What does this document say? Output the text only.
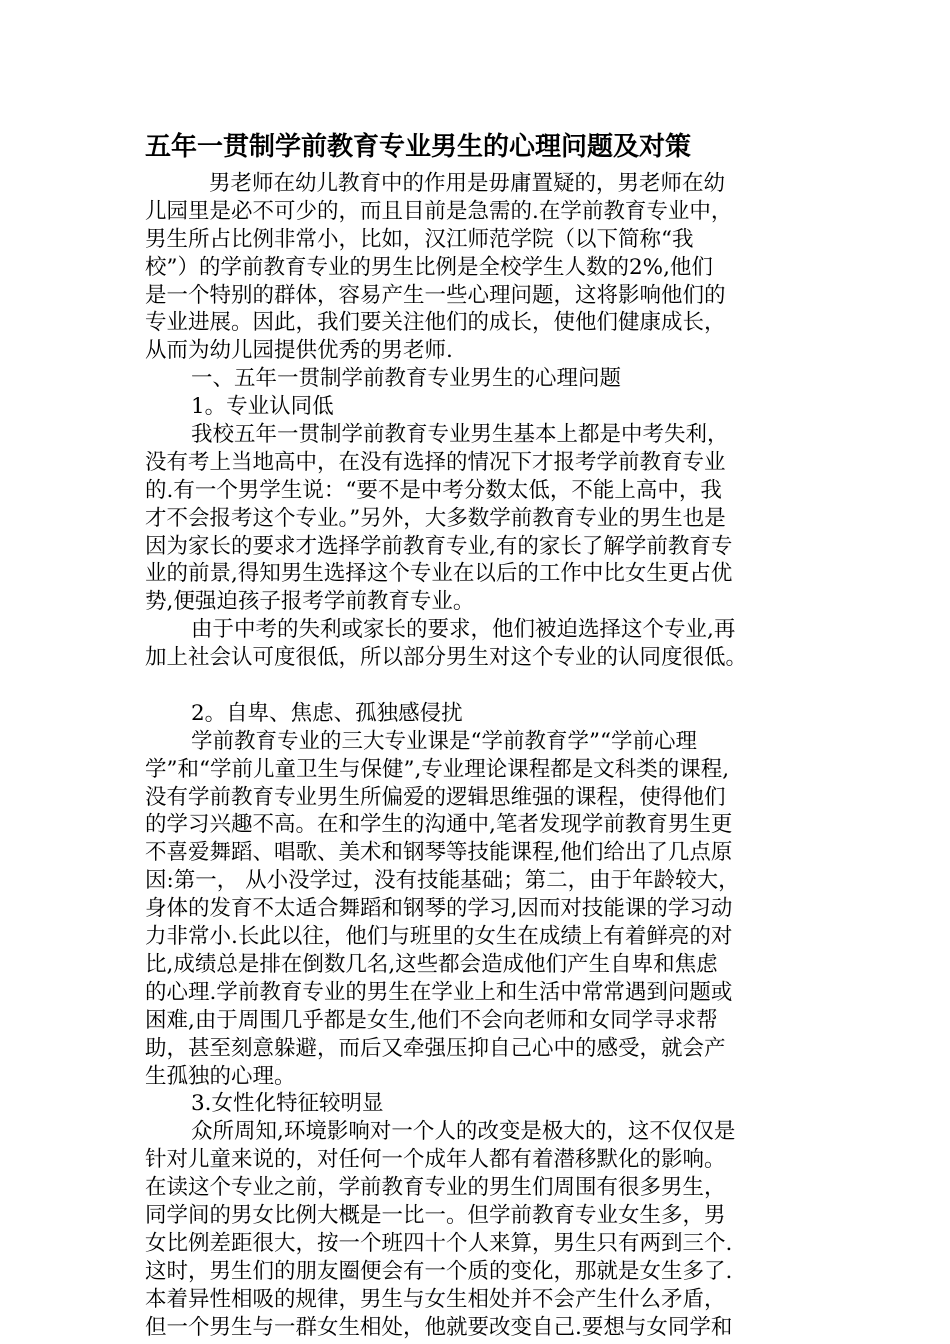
五年一贯制学前教育专业男生的心理问题及对策
男老师在幼儿教育中的作用是毋庸置疑的，男老师在幼
儿园里是必不可少的，而且目前是急需的.在学前教育专业中，
男生所占比例非常小，比如，汉江师范学院（以下简称“我
校”）的学前教育专业的男生比例是全校学生人数的2%,他们
是一个特别的群体，容易产生一些心理问题，这将影响他们的
专业进展。因此，我们要关注他们的成长，使他们健康成长，
从而为幼儿园提供优秀的男老师.
一、五年一贯制学前教育专业男生的心理问题
1。专业认同低
我校五年一贯制学前教育专业男生基本上都是中考失利，
没有考上当地高中，在没有选择的情况下才报考学前教育专业
的.有一个男学生说：“要不是中考分数太低，不能上高中，我
才不会报考这个专业。”另外，大多数学前教育专业的男生也是
因为家长的要求才选择学前教育专业,有的家长了解学前教育专
业的前景,得知男生选择这个专业在以后的工作中比女生更占优
势,便强迫孩子报考学前教育专业。
由于中考的失利或家长的要求，他们被迫选择这个专业,再
加上社会认可度很低，所以部分男生对这个专业的认同度很低。
2。自卑、焦虑、孤独感侵扰
学前教育专业的三大专业课是“学前教育学”“学前心理
学”和“学前儿童卫生与保健”,专业理论课程都是文科类的课程,
没有学前教育专业男生所偏爱的逻辑思维强的课程，使得他们
的学习兴趣不高。在和学生的沟通中,笔者发现学前教育男生更
不喜爱舞蹈、唱歌、美术和钢琴等技能课程,他们给出了几点原
因:第一， 从小没学过，没有技能基础；第二，由于年龄较大，
身体的发育不太适合舞蹈和钢琴的学习,因而对技能课的学习动
力非常小.长此以往，他们与班里的女生在成绩上有着鲜亮的对
比,成绩总是排在倒数几名,这些都会造成他们产生自卑和焦虑
的心理.学前教育专业的男生在学业上和生活中常常遇到问题或
困难,由于周围几乎都是女生,他们不会向老师和女同学寻求帮
助，甚至刻意躲避，而后又牵强压抑自己心中的感受，就会产
生孤独的心理。
3.女性化特征较明显
众所周知,环境影响对一个人的改变是极大的，这不仅仅是
针对儿童来说的，对任何一个成年人都有着潜移默化的影响。
在读这个专业之前，学前教育专业的男生们周围有很多男生，
同学间的男女比例大概是一比一。但学前教育专业女生多，男
女比例差距很大，按一个班四十个人来算，男生只有两到三个.
这时，男生们的朋友圈便会有一个质的变化，那就是女生多了.
本着异性相吸的规律，男生与女生相处并不会产生什么矛盾，
但一个男生与一群女生相处，他就要改变自己.要想与女同学和
